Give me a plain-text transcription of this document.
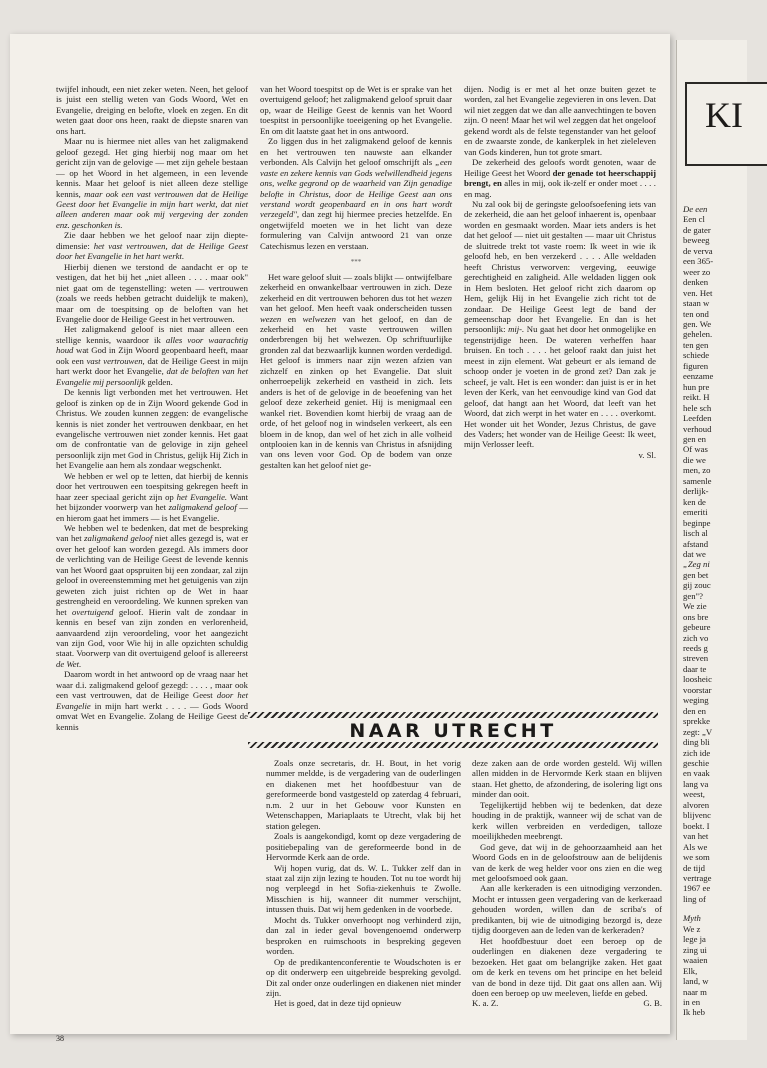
twijfel inhoudt, een niet zeker weten. Neen, het geloof is juist een stellig weten van Gods Woord, Wet en Evangelie, dreiging en belofte, vloek en zegen. En dit weten gaat door ons heen, raakt de diepste snaren van ons hart.

Maar nu is hiermee niet alles van het zaligmakend geloof gezegd. Het ging hierbij nog maar om het gericht zijn van de gelovige — met zijn gehele bestaan — op het Woord in het algemeen, in een levende kennis. Maar het geloof is niet alleen deze stellige kennis, maar ook een vast vertrouwen dat de Heilige Geest door het Evangelie in mijn hart werkt, dat niet alleen anderen maar ook mij vergeving der zonden enz. geschonken is.

Zie daar hebben we het geloof naar zijn diepte-dimensie: het vast vertrouwen, dat de Heilige Geest door het Evangelie in het hart werkt.

Hierbij dienen we terstond de aandacht er op te vestigen, dat het bij het „niet alleen . . . . maar ook" niet gaat om de tegenstelling: weten — vertrouwen (zoals we reeds hebben getracht duidelijk te maken), maar om de toespitsing op de beloften van het Evangelie door de Heilige Geest in het vertrouwen.

Het zaligmakend geloof is niet maar alleen een stellige kennis, waardoor ik alles voor waarachtig houd wat God in Zijn Woord geopenbaard heeft, maar ook een vast vertrouwen, dat de Heilige Geest in mijn hart werkt door het Evangelie, dat de beloften van het Evangelie mij persoonlijk gelden.

De kennis ligt verbonden met het vertrouwen. Het geloof is zinken op de in Zijn Woord gekende God in Christus. We zouden kunnen zeggen: de evangelische kennis is niet zonder het vertrouwen denkbaar, en het evangelische vertrouwen niet zonder kennis. Het gaat om de confrontatie van de gelovige in zijn geheel persoonlijk zijn met God in Christus, gelijk Hij Zich in het Evangelie aan hem als zondaar wegschenkt.

We hebben er wel op te letten, dat hierbij de kennis door het vertrouwen een toespitsing gekregen heeft in haar zeer speciaal gericht zijn op het Evangelie. Want het bijzonder voorwerp van het zaligmakend geloof — en hierom gaat het immers — is het Evangelie.

We hebben wel te bedenken, dat met de bespreking van het zaligmakend geloof niet alles gezegd is, wat er over het geloof kan worden gezegd. Als immers door de verlichting van de Heilige Geest de levende kennis van het Woord gaat opspruiten bij een zondaar, zal zijn geloof in overeenstemming met het getuigenis van zijn geweten zich juist richten op de Wet in haar gestrengheid en veroordeling. We kunnen spreken van het overtuigend geloof. Hierin valt de zondaar in kennis en besef van zijn zonden en verlorenheid, aanvaardend zijn veroordeling, voor het aangezicht van zijn God, voor Wie hij in alle opzichten schuldig staat. Voorwerp van dit overtuigend geloof is allereerst de Wet.

Daarom wordt in het antwoord op de vraag naar het waar d.i. zaligmakend geloof gezegd: . . . . , maar ook een vast vertrouwen, dat de Heilige Geest door het Evangelie in mijn hart werkt . . . . — Gods Woord omvat Wet en Evangelie. Zolang de Heilige Geest de kennis

van het Woord toespitst op de Wet is er sprake van het overtuigend geloof; het zaligmakend geloof spruit daar op, waar de Heilige Geest de kennis van het Woord toespitst in persoonlijke toeeigening op het Evangelie. En om dit laatste gaat het in ons antwoord.

Zo liggen dus in het zaligmakend geloof de kennis en het vertrouwen ten nauwste aan elkander verbonden. Als Calvijn het geloof omschrijft als „een vaste en zekere kennis van Gods welwillendheid jegens ons, welke gegrond op de waarheid van Zijn genadige belofte in Christus, door de Heilige Geest aan ons verstand wordt geopenbaard en in ons hart wordt verzegeld", dan zegt hij hiermee precies hetzelfde. En ongetwijfeld moeten we in het licht van deze formulering van Calvijn antwoord 21 van onze Catechismus lezen en verstaan.

***

Het ware geloof sluit — zoals blijkt — ontwijfelbare zekerheid en onwankelbaar vertrouwen in zich. Deze zekerheid en dit vertrouwen behoren dus tot het wezen van het geloof. Men heeft vaak onderscheiden tussen wezen en welwezen van het geloof, en dan de zekerheid en het vaste vertrouwen willen onderbrengen bij het welwezen. Op schriftuurlijke gronden zal dat bezwaarlijk kunnen worden verdedigd. Het geloof is immers naar zijn wezen afzien van zichzelf en zinken op het Evangelie. Dat sluit onherroepelijk zekerheid en vastheid in zich. Iets anders is het of de gelovige in de beoefening van het geloof deze zekerheid geniet. Hij is menigmaal een wankel riet. Bovendien komt hierbij de vraag aan de orde, of het geloof nog in windselen verkeert, als een bloem in de knop, dan wel of het zich in alle volheid ontplooien kan in de kennis van Christus in afsnijding van ons leven voor God. Op de bodem van onze gestalten kan het geloof niet ge-

dijen. Nodig is er met al het onze buiten gezet te worden, zal het Evangelie zegevieren in ons leven. Dat wil niet zeggen dat we dan alle aanvechtingen te boven zijn. O neen! Maar het wil wel zeggen dat het ongeloof gekend wordt als de felste tegenstander van het geloof en de zwaarste zonde, de kankerplek in het zieleleven van Gods kinderen, hun tot grote smart.

De zekerheid des geloofs wordt genoten, waar de Heilige Geest het Woord der genade tot heerschappij brengt, en alles in mij, ook ik-zelf er onder moet . . . . en mag.

Nu zal ook bij de geringste geloofsoefening iets van de zekerheid, die aan het geloof inhaerent is, openbaar worden en gesmaakt worden. Maar iets anders is het dat het geloof — niet uit gestalten — maar uit Christus de sluitrede trekt tot vaste roem: Ik weet in wie ik geloofd heb, en ben verzekerd . . . . Alle weldaden heeft Christus verworven: vergeving, eeuwige gerechtigheid en zaligheid. Alle weldaden liggen ook in Hem besloten. Het geloof richt zich daarom op Hem, gelijk Hij in het Evangelie zich richt tot de zondaar. De Heilige Geest legt de band der gemeenschap door het Evangelie. En dan is het persoonlijk: mij-. Nu gaat het door het onmogelijke en tegenstrijdige heen. De wateren verheffen haar bruisen. En toch . . . . het geloof raakt dan juist het meest in zijn element. Wat gebeurt er als iemand de schoop onder je voeten in de grond zet? Dan zak je scheef, je valt. Het is een wonder: dan juist is er in het leven der Kerk, van het eenvoudige kind van God dat geloof, dat hangt aan het Woord, dat leeft van het Woord, dat zich werpt in het water en . . . . overkomt. Het wonder uit het Wonder, Jezus Christus, de gave des Vaders; het wonder van de Heilige Geest: Ik weet, mijn Verlosser leeft.

v. Sl.

NAAR UTRECHT

Zoals onze secretaris, dr. H. Bout, in het vorig nummer meldde, is de vergadering van de ouderlingen en diakenen met het hoofdbestuur van de gereformeerde bond vastgesteld op zaterdag 4 februari, n.m. 2 uur in het Gebouw voor Kunsten en Wetenschappen, Mariaplaats te Utrecht, vlak bij het station gelegen.

Zoals is aangekondigd, komt op deze vergadering de positiebepaling van de gereformeerde bond in de Hervormde Kerk aan de orde.

Wij hopen vurig, dat ds. W. L. Tukker zelf dan in staat zal zijn zijn lezing te houden. Tot nu toe wordt hij nog verpleegd in het Sofia-ziekenhuis te Zwolle. Misschien is hij, wanneer dit nummer verschijnt, intussen thuis. Dat wij hem gedenken in de voorbede.

Mocht ds. Tukker onverhoopt nog verhinderd zijn, dan zal in ieder geval bovengenoemd onderwerp besproken en ruimschoots in bespreking gegeven worden.

Op de predikantenconferentie te Woudschoten is er op dit onderwerp een uitgebreide bespreking gevolgd. Dit zal onder onze ouderlingen en diakenen niet minder zijn.

Het is goed, dat in deze tijd opnieuw

deze zaken aan de orde worden gesteld. Wij willen allen midden in de Hervormde Kerk staan en blijven staan. Het ghetto, de afzondering, de isolering ligt ons minder dan ooit.

Tegelijkertijd hebben wij te bedenken, dat deze houding in de praktijk, wanneer wij de schat van de kerk willen verbreiden en verdedigen, talloze moeilijkheden meebrengt.

God geve, dat wij in de gehoorzaamheid aan het Woord Gods en in de geloofstrouw aan de belijdenis van de kerk de weg helder voor ons zien en die weg met geloofsmoed ook gaan.

Aan alle kerkeraden is een uitnodiging verzonden. Mocht er intussen geen vergadering van de kerkeraad gehouden worden, willen dan de scriba's of predikanten, bij wie de uitnodiging bezorgd is, deze tijdig doorgeven aan de leden van de kerkeraden?

Het hoofdbestuur doet een beroep op de ouderlingen en diakenen deze vergadering te bezoeken. Het gaat om belangrijke zaken. Het gaat om de kerk en tevens om het principe en het beleid van de bond in deze tijd. Dit gaat ons allen aan. Wij doen een beroep op uw meeleven, liefde en gebed.

K. a. Z.	G. B.

38
KI
De een
Een cl
de gater
beweeg
de verva
een 365-
weer zo
denken
ven. Het
staan w
ten ond
gen. We
gehelen.
ten gen
schiede
figuren
eenzame
hun pre
reikt. H
hele sch
Leefden
verhoud
gen en
Of was
die we
men, zo
samenle
derlijk-
ken de
emeriti
beginpe
lisch al
afstand
dat we
„Zeg ni
gen bet
gij zouc
gen"?
We zie
ons bre
gebeure
zich vo
reeds g
streven
daar te
loosheic
voorstar
weging
den en
sprekke
zegt: „V
ding bli
zich ide
geschie
en vaak
lang va
weest,
alvoren
blijvenc
boekt. I
van het
Als we
we som
de tijd
vertrage
1967 ee
ling of
Myth
We z
lege ja
zing ui
waaien
Elk,
land, w
naar m
in en
Ik heb
